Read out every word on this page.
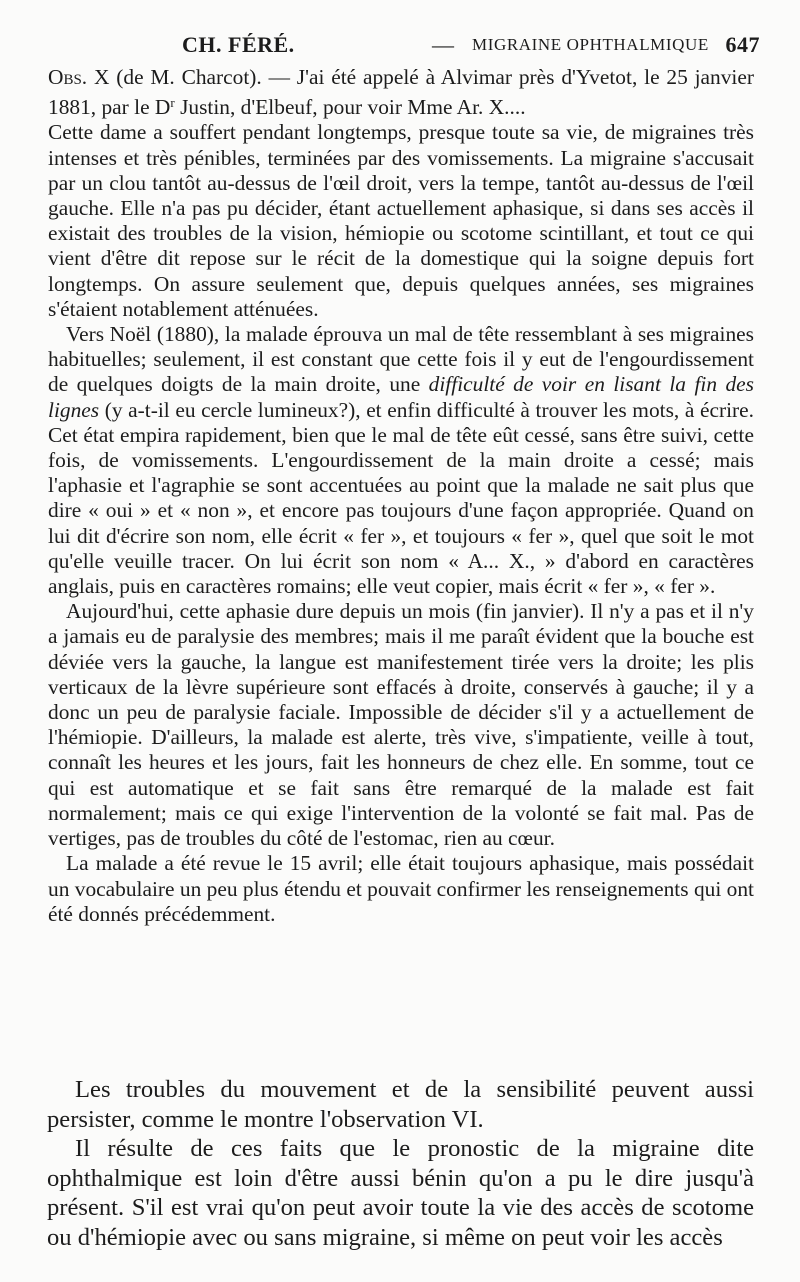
CH. FÉRÉ.	— MIGRAINE OPHTHALMIQUE 647

Obs. X (de M. Charcot). — J'ai été appelé à Alvimar près d'Yvetot, le 25 janvier 1881, par le $D^r$ Justin, d'Elbeuf, pour voir Mme Ar. X....

Cette dame a souffert pendant longtemps, presque toute sa vie, de migraines très intenses et très pénibles, terminées par des vomissements. La migraine s'accusait par un clou tantôt au-dessus de l'œil droit, vers la tempe, tantôt au-dessus de l'œil gauche. Elle n'a pas pu décider, étant actuellement aphasique, si dans ses accès il existait des troubles de la vision, hémiopie ou scotome scintillant, et tout ce qui vient d'être dit repose sur le récit de la domestique qui la soigne depuis fort longtemps. On assure seulement que, depuis quelques années, ses migraines s'étaient notablement atténuées.

Vers Noël (1880), la malade éprouva un mal de tête ressemblant à ses migraines habituelles; seulement, il est constant que cette fois il y eut de l'engourdissement de quelques doigts de la main droite, une difficulté de voir en lisant la fin des lignes (y a-t-il eu cercle lumineux?), et enfin difficulté à trouver les mots, à écrire. Cet état empira rapidement, bien que le mal de tête eût cessé, sans être suivi, cette fois, de vomissements. L'engourdissement de la main droite a cessé; mais l'aphasie et l'agraphie se sont accentuées au point que la malade ne sait plus que dire « oui » et « non », et encore pas toujours d'une façon appropriée. Quand on lui dit d'écrire son nom, elle écrit « fer », et toujours « fer », quel que soit le mot qu'elle veuille tracer. On lui écrit son nom « A... X., » d'abord en caractères anglais, puis en caractères romains; elle veut copier, mais écrit « fer », « fer ».

Aujourd'hui, cette aphasie dure depuis un mois (fin janvier). Il n'y a pas et il n'y a jamais eu de paralysie des membres; mais il me paraît évident que la bouche est déviée vers la gauche, la langue est manifestement tirée vers la droite; les plis verticaux de la lèvre supérieure sont effacés à droite, conservés à gauche; il y a donc un peu de paralysie faciale. Impossible de décider s'il y a actuellement de l'hémiopie. D'ailleurs, la malade est alerte, très vive, s'impatiente, veille à tout, connaît les heures et les jours, fait les honneurs de chez elle. En somme, tout ce qui est automatique et se fait sans être remarqué de la malade est fait normalement; mais ce qui exige l'intervention de la volonté se fait mal. Pas de vertiges, pas de troubles du côté de l'estomac, rien au cœur.

La malade a été revue le 15 avril; elle était toujours aphasique, mais possédait un vocabulaire un peu plus étendu et pouvait confirmer les renseignements qui ont été donnés précédemment.

Les troubles du mouvement et de la sensibilité peuvent aussi persister, comme le montre l'observation VI.

Il résulte de ces faits que le pronostic de la migraine dite ophthalmique est loin d'être aussi bénin qu'on a pu le dire jusqu'à présent. S'il est vrai qu'on peut avoir toute la vie des accès de scotome ou d'hémiopie avec ou sans migraine, si même on peut voir les accès
